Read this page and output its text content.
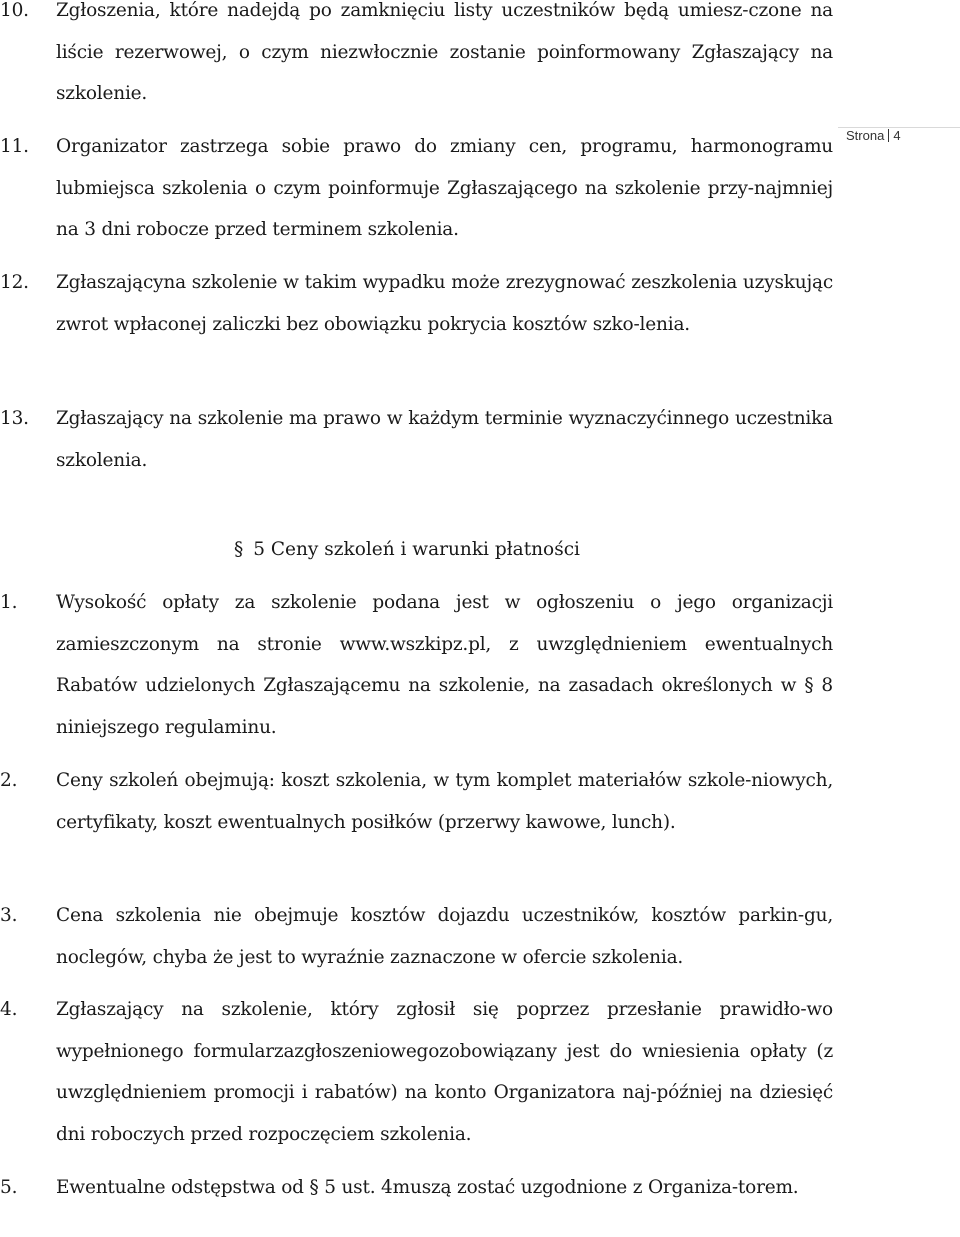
Strona 4
10.	Zgłoszenia, które nadejdą po zamknięciu listy uczestników będą umiesz-czone na liście rezerwowej, o czym niezwłocznie zostanie poinformowany Zgłaszający na szkolenie.
11.	Organizator zastrzega sobie prawo do zmiany cen, programu, harmonogramu lubmiejsca szkolenia o czym poinformuje Zgłaszającego na szkolenie przy-najmniej na 3 dni robocze przed terminem szkolenia.
12.	Zgłaszającyna szkolenie w takim wypadku może zrezygnować zeszkolenia uzyskując zwrot wpłaconej zaliczki bez obowiązku pokrycia kosztów szko-lenia.
13.	Zgłaszający na szkolenie ma prawo w każdym terminie wyznaczyćinnego uczestnika szkolenia.
§ 5 Ceny szkoleń i warunki płatności
1.	Wysokość opłaty za szkolenie podana jest w ogłoszeniu o jego organizacji zamieszczonym na stronie www.wszkipz.pl, z uwzględnieniem ewentualnych Rabatów udzielonych Zgłaszającemu na szkolenie, na zasadach określonych w § 8 niniejszego regulaminu.
2.	Ceny szkoleń obejmują: koszt szkolenia, w tym komplet materiałów szkole-niowych, certyfikaty, koszt ewentualnych posiłków (przerwy kawowe, lunch).
3.	Cena szkolenia nie obejmuje kosztów dojazdu uczestników, kosztów parkin-gu, noclegów, chyba że jest to wyraźnie zaznaczone w ofercie szkolenia.
4.	Zgłaszający na szkolenie, który zgłosił się poprzez przesłanie prawidło-wo wypełnionego formularzazgłoszeniowegozobowiązany jest do wniesienia opłaty (z uwzględnieniem promocji i rabatów) na konto Organizatora naj-później na dziesięć dni roboczych przed rozpoczęciem szkolenia.
5.	Ewentualne odstępstwa od § 5 ust. 4muszą zostać uzgodnione z Organiza-torem.
